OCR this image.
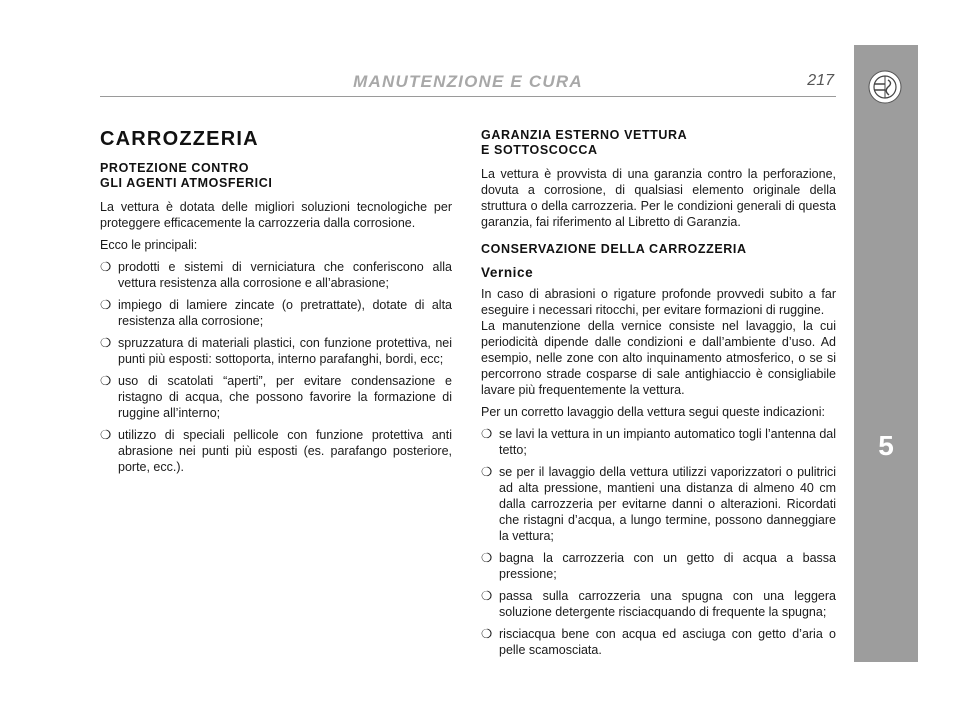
MANUTENZIONE E CURA	217
5
CARROZZERIA
PROTEZIONE CONTRO
GLI AGENTI ATMOSFERICI

La vettura è dotata delle migliori soluzioni tecnologiche per proteggere efficacemente la carrozzeria dalla corrosione.

Ecco le principali:

❍ prodotti e sistemi di verniciatura che conferiscono alla vettura resistenza alla corrosione e all’abrasione;
❍ impiego di lamiere zincate (o pretrattate), dotate di alta resistenza alla corrosione;
❍ spruzzatura di materiali plastici, con funzione protettiva, nei punti più esposti: sottoporta, interno parafanghi, bordi, ecc;
❍ uso di scatolati “aperti”, per evitare condensazione e ristagno di acqua, che possono favorire la formazione di ruggine all’interno;
❍ utilizzo di speciali pellicole con funzione protettiva anti abrasione nei punti più esposti (es. parafango posteriore, porte, ecc.).
GARANZIA ESTERNO VETTURA
E SOTTOSCOCCA

La vettura è provvista di una garanzia contro la perforazione, dovuta a corrosione, di qualsiasi elemento originale della struttura o della carrozzeria. Per le condizioni generali di questa garanzia, fai riferimento al Libretto di Garanzia.

CONSERVAZIONE DELLA CARROZZERIA
Vernice

In caso di abrasioni o rigature profonde provvedi subito a far eseguire i necessari ritocchi, per evitare formazioni di ruggine.
La manutenzione della vernice consiste nel lavaggio, la cui periodicità dipende dalle condizioni e dall’ambiente d’uso. Ad esempio, nelle zone con alto inquinamento atmosferico, o se si percorrono strade cosparse di sale antighiaccio è consigliabile lavare più frequentemente la vettura.

Per un corretto lavaggio della vettura segui queste indicazioni:

❍ se lavi la vettura in un impianto automatico togli l’antenna dal tetto;
❍ se per il lavaggio della vettura utilizzi vaporizzatori o pulitrici ad alta pressione, mantieni una distanza di almeno 40 cm dalla carrozzeria per evitarne danni o alterazioni. Ricordati che ristagni d’acqua, a lungo termine, possono danneggiare la vettura;
❍ bagna la carrozzeria con un getto di acqua a bassa pressione;
❍ passa sulla carrozzeria una spugna con una leggera soluzione detergente risciacquando di frequente la spugna;
❍ risciacqua bene con acqua ed asciuga con getto d’aria o pelle scamosciata.
